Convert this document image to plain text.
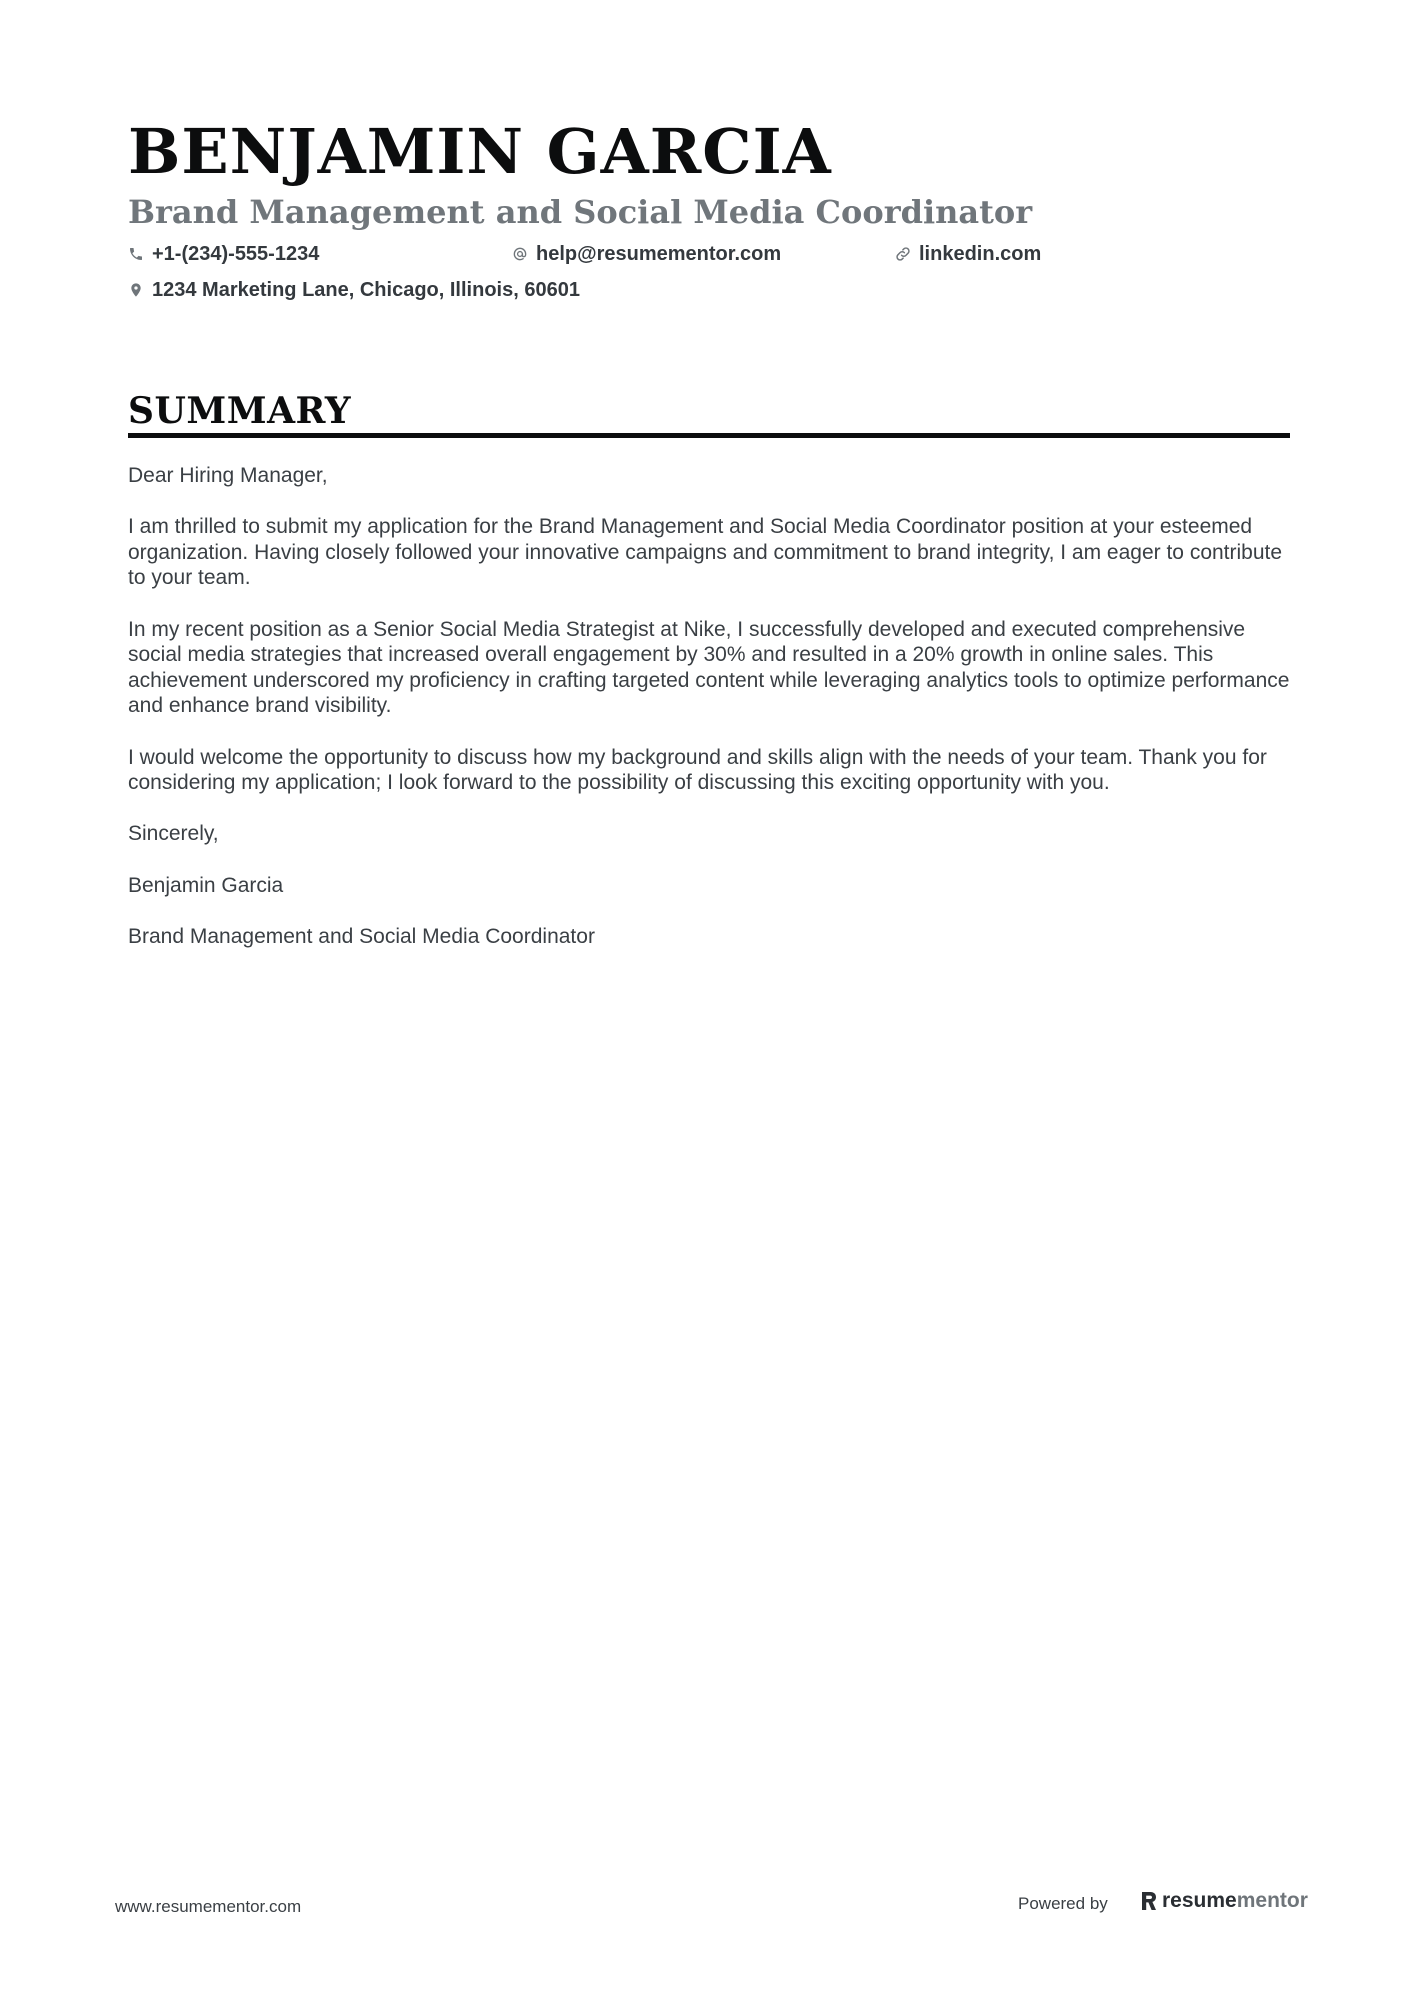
BENJAMIN GARCIA
Brand Management and Social Media Coordinator
+1-(234)-555-1234	help@resumementor.com	linkedin.com
1234 Marketing Lane, Chicago, Illinois, 60601
SUMMARY

Dear Hiring Manager,

I am thrilled to submit my application for the Brand Management and Social Media Coordinator position at your esteemed organization. Having closely followed your innovative campaigns and commitment to brand integrity, I am eager to contribute to your team.

In my recent position as a Senior Social Media Strategist at Nike, I successfully developed and executed comprehensive social media strategies that increased overall engagement by 30% and resulted in a 20% growth in online sales. This achievement underscored my proficiency in crafting targeted content while leveraging analytics tools to optimize performance and enhance brand visibility.

I would welcome the opportunity to discuss how my background and skills align with the needs of your team. Thank you for considering my application; I look forward to the possibility of discussing this exciting opportunity with you.

Sincerely,

Benjamin Garcia

Brand Management and Social Media Coordinator

www.resumementor.com	Powered by	resume mentor
